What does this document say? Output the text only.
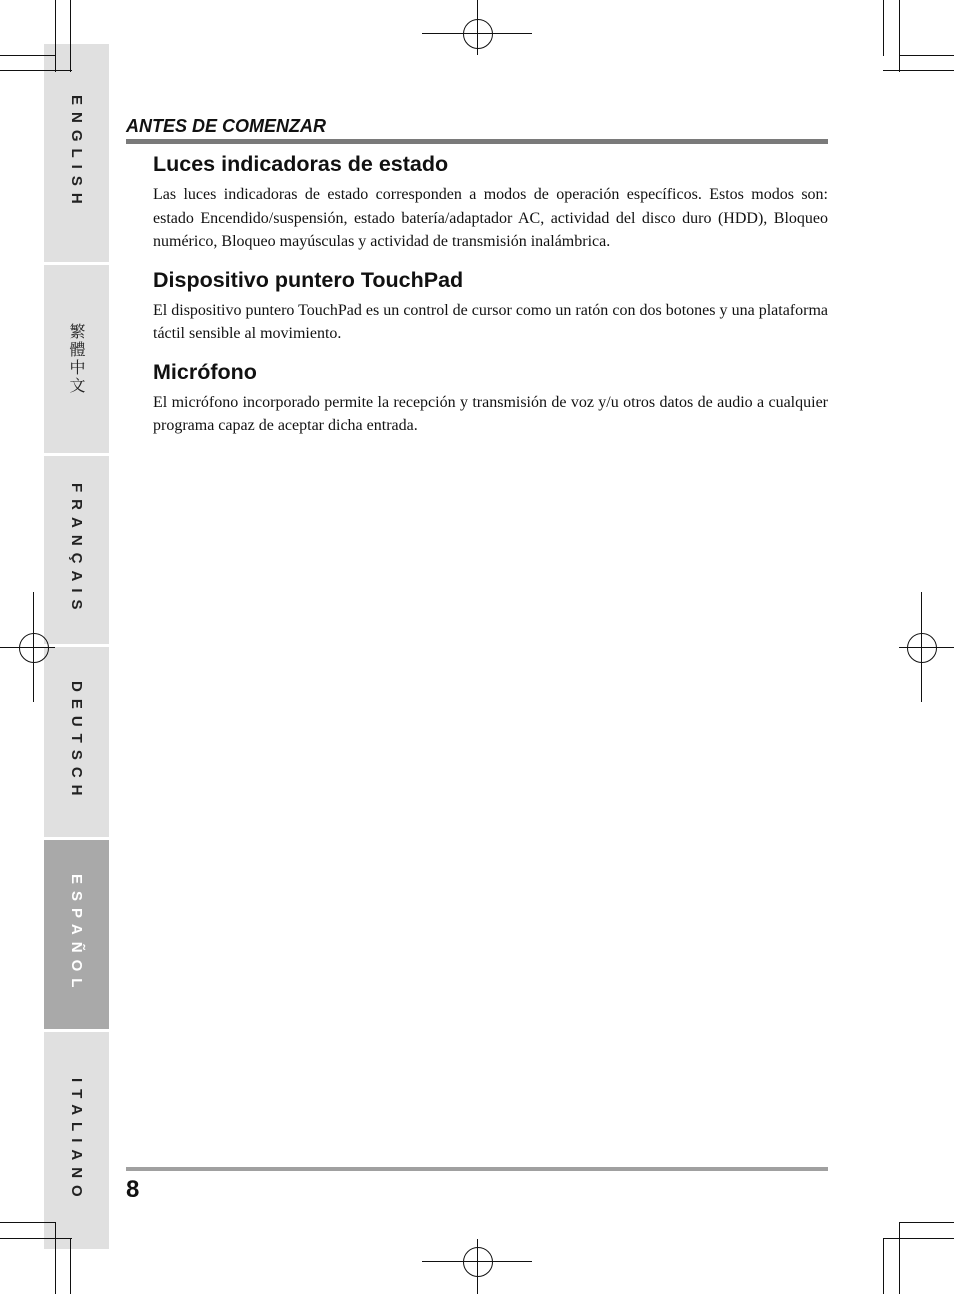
ENGLISH
繁體中文
FRANÇAIS
DEUTSCH
ESPAÑOL
ITALIANO
ANTES DE COMENZAR
Luces indicadoras de estado

Las luces indicadoras de estado corresponden a modos de operación específicos. Estos modos son: estado Encendido/suspensión, estado batería/adaptador AC, actividad del disco duro (HDD), Bloqueo numérico, Bloqueo mayúsculas y actividad de transmisión inalámbrica.

Dispositivo puntero TouchPad

El dispositivo puntero TouchPad es un control de cursor como un ratón con dos botones y una plataforma táctil sensible al movimiento.

Micrófono

El micrófono incorporado permite la recepción y transmisión de voz y/u otros datos de audio a cualquier programa capaz de aceptar dicha entrada.

8
